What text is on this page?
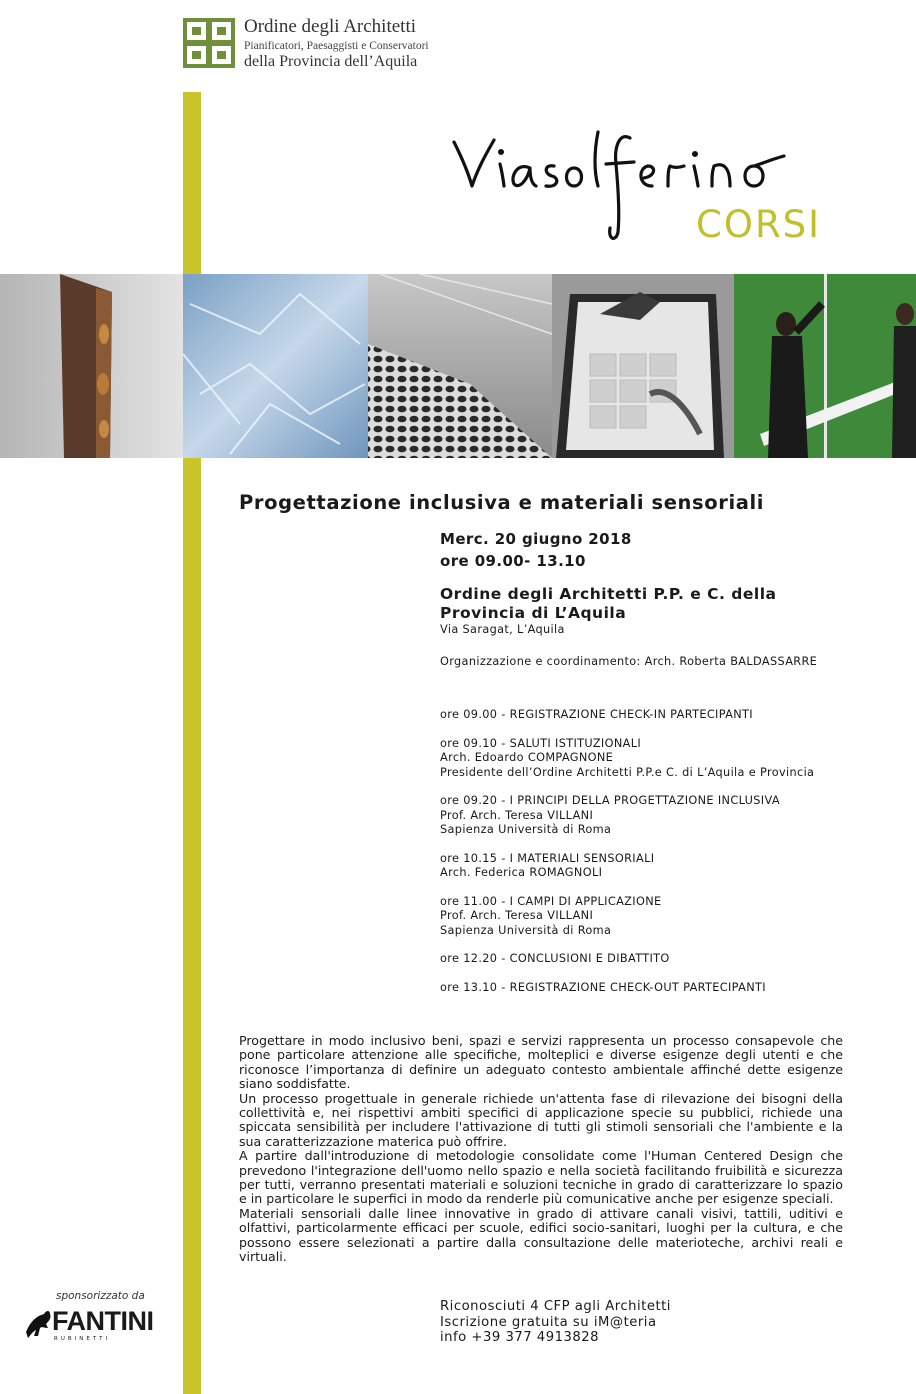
Ordine degli Architetti
Pianificatori, Paesaggisti e Conservatori
della Provincia dell’Aquila
CORSI
Progettazione inclusiva e materiali sensoriali
Merc. 20 giugno 2018
ore 09.00- 13.10
Ordine degli Architetti P.P. e C. della
Provincia di L’Aquila
Via Saragat, L’Aquila
Organizzazione e coordinamento: Arch. Roberta BALDASSARRE
ore 09.00 - REGISTRAZIONE CHECK-IN PARTECIPANTI
ore 09.10 - SALUTI ISTITUZIONALI
Arch. Edoardo COMPAGNONE
Presidente dell’Ordine Architetti P.P.e C. di L’Aquila e Provincia
ore 09.20 - I PRINCIPI DELLA PROGETTAZIONE INCLUSIVA
Prof. Arch. Teresa VILLANI
Sapienza Università di Roma
ore 10.15 - I MATERIALI SENSORIALI
Arch. Federica ROMAGNOLI
ore 11.00 - I CAMPI DI APPLICAZIONE
Prof. Arch. Teresa VILLANI
Sapienza Università di Roma
ore 12.20 - CONCLUSIONI E DIBATTITO
ore 13.10 - REGISTRAZIONE CHECK-OUT PARTECIPANTI

Progettare in modo inclusivo beni, spazi e servizi rappresenta un processo consapevole che pone particolare attenzione alle specifiche, molteplici e diverse esigenze degli utenti e che riconosce l’importanza di definire un adeguato contesto ambientale affinché dette esigenze siano soddisfatte.

Un processo progettuale in generale richiede un'attenta fase di rilevazione dei bisogni della collettività e, nei rispettivi ambiti specifici di applicazione specie su pubblici, richiede una spiccata sensibilità per includere l'attivazione di tutti gli stimoli sensoriali che l'ambiente e la sua caratterizzazione materica può offrire.

A partire dall'introduzione di metodologie consolidate come l'Human Centered Design che prevedono l'integrazione dell'uomo nello spazio e nella società facilitando fruibilità e sicurezza per tutti, verranno presentati materiali e soluzioni tecniche in grado di caratterizzare lo spazio e in particolare le superfici in modo da renderle più comunicative anche per esigenze speciali.

Materiali sensoriali dalle linee innovative in grado di attivare canali visivi, tattili, uditivi e olfattivi, particolarmente efficaci per scuole, edifici socio-sanitari, luoghi per la cultura, e che possono essere selezionati a partire dalla consultazione delle materioteche, archivi reali e virtuali.

Riconosciuti 4 CFP agli Architetti
Iscrizione gratuita su iM@teria
info +39 377 4913828
sponsorizzato da
FANTINI
RUBINETTI
